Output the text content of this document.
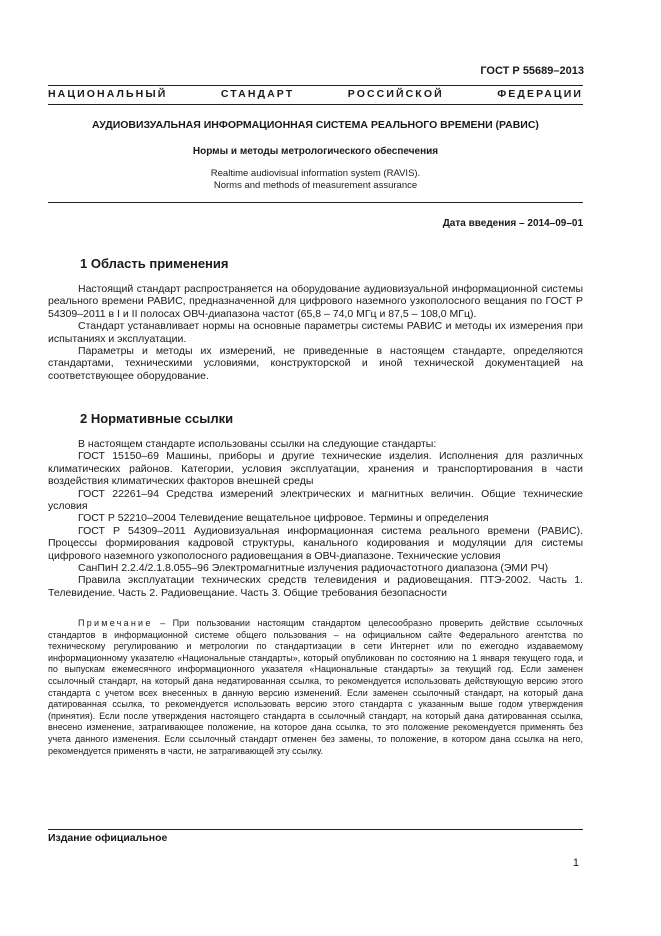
ГОСТ Р 55689–2013
НАЦИОНАЛЬНЫЙ СТАНДАРТ РОССИЙСКОЙ ФЕДЕРАЦИИ
АУДИОВИЗУАЛЬНАЯ ИНФОРМАЦИОННАЯ СИСТЕМА РЕАЛЬНОГО ВРЕМЕНИ (РАВИС)
Нормы и методы метрологического обеспечения
Realtime audiovisual information system (RAVIS).
Norms and methods of measurement assurance
Дата введения – 2014–09–01
1 Область применения

Настоящий стандарт распространяется на оборудование аудиовизуальной информационной системы реального времени РАВИС, предназначенной для цифрового наземного узкополосного вещания по ГОСТ Р 54309–2011 в I и II полосах ОВЧ-диапазона частот (65,8 – 74,0 МГц и 87,5 – 108,0 МГц).

Стандарт устанавливает нормы на основные параметры системы РАВИС и методы их измерения при испытаниях и эксплуатации.

Параметры и методы их измерений, не приведенные в настоящем стандарте, определяются стандартами, техническими условиями, конструкторской и иной технической документацией на соответствующее оборудование.

2 Нормативные ссылки

В настоящем стандарте использованы ссылки на следующие стандарты:

ГОСТ 15150–69 Машины, приборы и другие технические изделия. Исполнения для различных климатических районов. Категории, условия эксплуатации, хранения и транспортирования в части воздействия климатических факторов внешней среды

ГОСТ 22261–94 Средства измерений электрических и магнитных величин. Общие технические условия

ГОСТ Р 52210–2004 Телевидение вещательное цифровое. Термины и определения

ГОСТ Р 54309–2011 Аудиовизуальная информационная система реального времени (РАВИС). Процессы формирования кадровой структуры, канального кодирования и модуляции для системы цифрового наземного узкополосного радиовещания в ОВЧ-диапазоне. Технические условия

СанПиН 2.2.4/2.1.8.055–96 Электромагнитные излучения радиочастотного диапазона (ЭМИ РЧ)

Правила эксплуатации технических средств телевидения и радиовещания. ПТЭ-2002. Часть 1. Телевидение. Часть 2. Радиовещание. Часть 3. Общие требования безопасности

Примечание – При пользовании настоящим стандартом целесообразно проверить действие ссылочных стандартов в информационной системе общего пользования – на официальном сайте Федерального агентства по техническому регулированию и метрологии по стандартизации в сети Интернет или по ежегодно издаваемому информационному указателю «Национальные стандарты», который опубликован по состоянию на 1 января текущего года, и по выпускам ежемесячного информационного указателя «Национальные стандарты» за текущий год. Если заменен ссылочный стандарт, на который дана недатированная ссылка, то рекомендуется использовать действующую версию этого стандарта с учетом всех внесенных в данную версию изменений. Если заменен ссылочный стандарт, на который дана датированная ссылка, то рекомендуется использовать версию этого стандарта с указанным выше годом утверждения (принятия). Если после утверждения настоящего стандарта в ссылочный стандарт, на который дана датированная ссылка, внесено изменение, затрагивающее положение, на которое дана ссылка, то это положение рекомендуется применять без учета данного изменения. Если ссылочный стандарт отменен без замены, то положение, в котором дана ссылка на него, рекомендуется применять в части, не затрагивающей эту ссылку.

Издание официальное
1
